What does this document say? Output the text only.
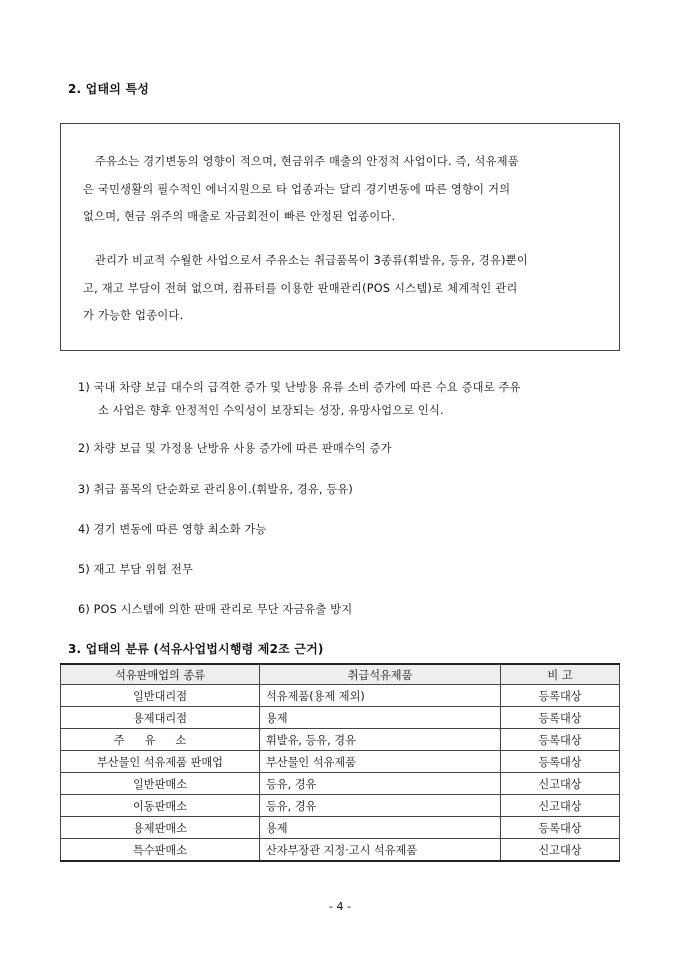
2. 업태의 특성
주유소는 경기변동의 영향이 적으며, 현금위주 매출의 안정적 사업이다. 즉, 석유제품
은 국민생활의 필수적인 에너지원으로 타 업종과는 달리 경기변동에 따른 영향이 거의
없으며, 현금 위주의 매출로 자금회전이 빠른 안정된 업종이다.
관리가 비교적 수월한 사업으로서 주유소는 취급품목이 3종류(휘발유, 등유, 경유)뿐이
고, 재고 부담이 전혀 없으며, 컴퓨터를 이용한 판매관리(POS 시스템)로 체계적인 관리
가 가능한 업종이다.
1) 국내 차량 보급 대수의 급격한 증가 및 난방용 유류 소비 증가에 따른 수요 증대로 주유
소 사업은 향후 안정적인 수익성이 보장되는 성장, 유망사업으로 인식.
2) 차량 보급 및 가정용 난방유 사용 증가에 따른 판매수익 증가
3) 취급 품목의 단순화로 관리용이.(휘발유, 경유, 등유)
4) 경기 변동에 따른 영향 최소화 가능
5) 재고 부담 위험 전무
6) POS 시스템에 의한 판매 관리로 무단 자금유출 방지
3. 업태의 분류 (석유사업법시행령 제2조 근거)
석유판매업의 종류	취급석유제품	비 고
일반대리점	석유제품(용제 제외)	등록대상
용제대리점	용제	등록대상
주유소	휘발유, 등유, 경유	등록대상
부산물인 석유제품 판매업	부산물인 석유제품	등록대상
일반판매소	등유, 경유	신고대상
이동판매소	등유, 경유	신고대상
용제판매소	용제	등록대상
특수판매소	산자부장관 지정·고시 석유제품	신고대상
- 4 -
